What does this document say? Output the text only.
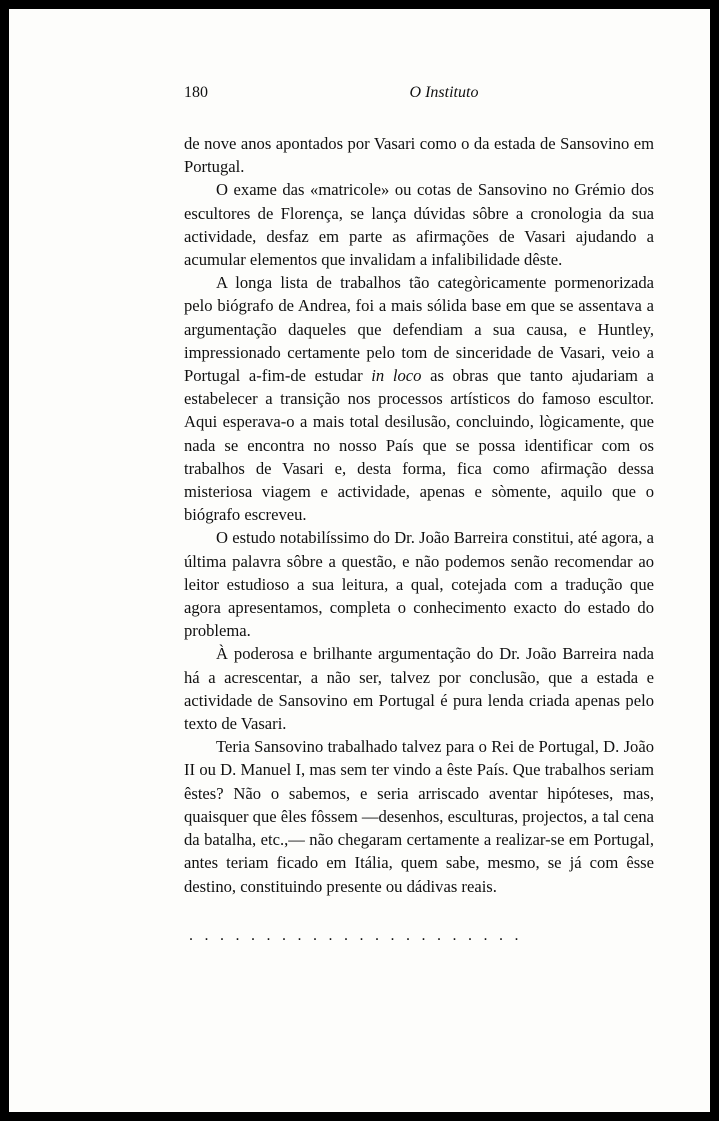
180	O Instituto

de nove anos apontados por Vasari como o da estada de Sansovino em Portugal.

O exame das «matricole» ou cotas de Sansovino no Grémio dos escultores de Florença, se lança dúvidas sôbre a cronologia da sua actividade, desfaz em parte as afirmações de Vasari ajudando a acumular elementos que invalidam a infalibilidade dêste.

A longa lista de trabalhos tão categòricamente pormenorizada pelo biógrafo de Andrea, foi a mais sólida base em que se assentava a argumentação daqueles que defendiam a sua causa, e Huntley, impressionado certamente pelo tom de sinceridade de Vasari, veio a Portugal a-fim-de estudar in loco as obras que tanto ajudariam a estabelecer a transição nos processos artísticos do famoso escultor. Aqui esperava-o a mais total desilusão, concluindo, lògicamente, que nada se encontra no nosso País que se possa identificar com os trabalhos de Vasari e, desta forma, fica como afirmação dessa misteriosa viagem e actividade, apenas e sòmente, aquilo que o biógrafo escreveu.

O estudo notabilíssimo do Dr. João Barreira constitui, até agora, a última palavra sôbre a questão, e não podemos senão recomendar ao leitor estudioso a sua leitura, a qual, cotejada com a tradução que agora apresentamos, completa o conhecimento exacto do estado do problema.

À poderosa e brilhante argumentação do Dr. João Barreira nada há a acrescentar, a não ser, talvez por conclusão, que a estada e actividade de Sansovino em Portugal é pura lenda criada apenas pelo texto de Vasari.

Teria Sansovino trabalhado talvez para o Rei de Portugal, D. João II ou D. Manuel I, mas sem ter vindo a êste País. Que trabalhos seriam êstes? Não o sabemos, e seria arriscado aventar hipóteses, mas, quaisquer que êles fôssem —desenhos, esculturas, projectos, a tal cena da batalha, etc.,— não chegaram certamente a realizar-se em Portugal, antes teriam ficado em Itália, quem sabe, mesmo, se já com êsse destino, constituindo presente ou dádivas reais.

......................
